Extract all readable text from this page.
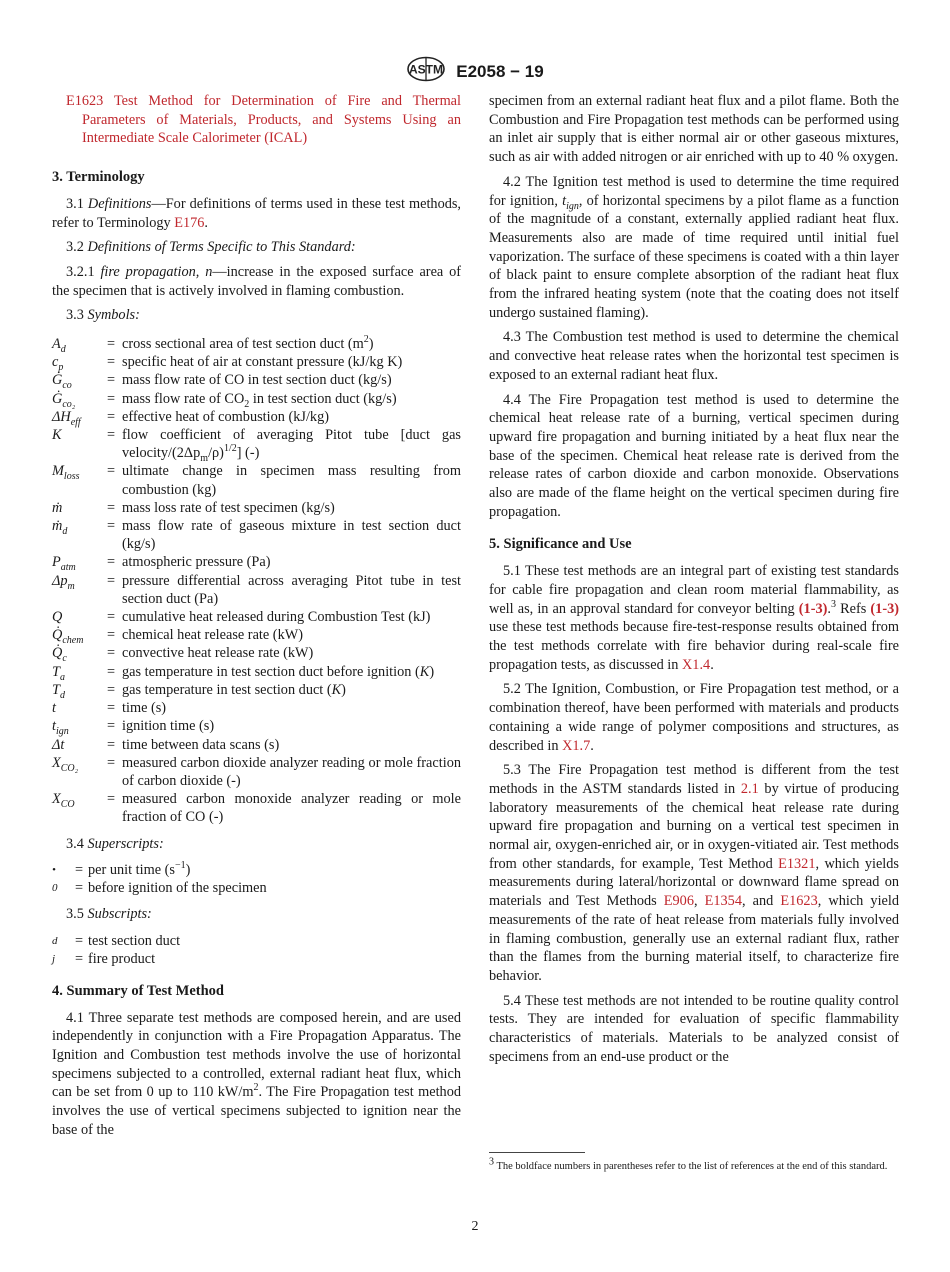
ASTM E2058 − 19

E1623 Test Method for Determination of Fire and Thermal Parameters of Materials, Products, and Systems Using an Intermediate Scale Calorimeter (ICAL)

3. Terminology

3.1 Definitions—For definitions of terms used in these test methods, refer to Terminology E176.

3.2 Definitions of Terms Specific to This Standard:

3.2.1 fire propagation, n—increase in the exposed surface area of the specimen that is actively involved in flaming combustion.

3.3 Symbols:

$A_d$	=	cross sectional area of test section duct $(m^2)$
$c_p$	=	specific heat of air at constant pressure (kJ/kg K)
$Ġ_{co}$	=	mass flow rate of CO in test section duct (kg/s)
$Ġ_{co_2}$	=	mass flow rate of $CO_2$ in test section duct (kg/s)
$\Delta H_{eff}$	=	effective heat of combustion (kJ/kg)
K	=	flow coefficient of averaging Pitot tube [duct gas velocity/$(2\Delta p_m/\rho)^{1/2}$] (-)
$M_{loss}$	=	ultimate change in specimen mass resulting from combustion (kg)
ṁ	=	mass loss rate of test specimen (kg/s)
ṁ$_d$	=	mass flow rate of gaseous mixture in test section duct (kg/s)
$P_{atm}$	=	atmospheric pressure (Pa)
$\Delta p_m$	=	pressure differential across averaging Pitot tube in test section duct (Pa)
Q	=	cumulative heat released during Combustion Test (kJ)
$Q̇_{chem}$	=	chemical heat release rate (kW)
$Q̇_c$	=	convective heat release rate (kW)
$T_a$	=	gas temperature in test section duct before ignition (K)
$T_d$	=	gas temperature in test section duct (K)
t	=	time (s)
$t_{ign}$	=	ignition time (s)
Δt	=	time between data scans (s)
$X_{CO_2}$	=	measured carbon dioxide analyzer reading or mole fraction of carbon dioxide (-)
$X_{CO}$	=	measured carbon monoxide analyzer reading or mole fraction of CO (-)

3.4 Superscripts:

•	=	per unit time $(s^{-1})$
0	=	before ignition of the specimen

3.5 Subscripts:

d	=	test section duct
j	=	fire product
4. Summary of Test Method

4.1 Three separate test methods are composed herein, and are used independently in conjunction with a Fire Propagation Apparatus. The Ignition and Combustion test methods involve the use of horizontal specimens subjected to a controlled, external radiant heat flux, which can be set from 0 up to 110 $kW/m^2$. The Fire Propagation test method involves the use of vertical specimens subjected to ignition near the base of the

specimen from an external radiant heat flux and a pilot flame. Both the Combustion and Fire Propagation test methods can be performed using an inlet air supply that is either normal air or other gaseous mixtures, such as air with added nitrogen or air enriched with up to 40 % oxygen.

4.2 The Ignition test method is used to determine the time required for ignition, $t_{ign}$, of horizontal specimens by a pilot flame as a function of the magnitude of a constant, externally applied radiant heat flux. Measurements also are made of time required until initial fuel vaporization. The surface of these specimens is coated with a thin layer of black paint to ensure complete absorption of the radiant heat flux from the infrared heating system (note that the coating does not itself undergo sustained flaming).

4.3 The Combustion test method is used to determine the chemical and convective heat release rates when the horizontal test specimen is exposed to an external radiant heat flux.

4.4 The Fire Propagation test method is used to determine the chemical heat release rate of a burning, vertical specimen during upward fire propagation and burning initiated by a heat flux near the base of the specimen. Chemical heat release rate is derived from the release rates of carbon dioxide and carbon monoxide. Observations also are made of the flame height on the vertical specimen during fire propagation.

5. Significance and Use

5.1 These test methods are an integral part of existing test standards for cable fire propagation and clean room material flammability, as well as, in an approval standard for conveyor belting (1-3).$^3$ Refs (1-3) use these test methods because fire-test-response results obtained from the test methods correlate with fire behavior during real-scale fire propagation tests, as discussed in X1.4.

5.2 The Ignition, Combustion, or Fire Propagation test method, or a combination thereof, have been performed with materials and products containing a wide range of polymer compositions and structures, as described in X1.7.

5.3 The Fire Propagation test method is different from the test methods in the ASTM standards listed in 2.1 by virtue of producing laboratory measurements of the chemical heat release rate during upward fire propagation and burning on a vertical test specimen in normal air, oxygen-enriched air, or in oxygen-vitiated air. Test methods from other standards, for example, Test Method E1321, which yields measurements during lateral/horizontal or downward flame spread on materials and Test Methods E906, E1354, and E1623, which yield measurements of the rate of heat release from materials fully involved in flaming combustion, generally use an external radiant flux, rather than the flames from the burning material itself, to characterize fire behavior.

5.4 These test methods are not intended to be routine quality control tests. They are intended for evaluation of specific flammability characteristics of materials. Materials to be analyzed consist of specimens from an end-use product or the

$^3$ The boldface numbers in parentheses refer to the list of references at the end of this standard.
2
